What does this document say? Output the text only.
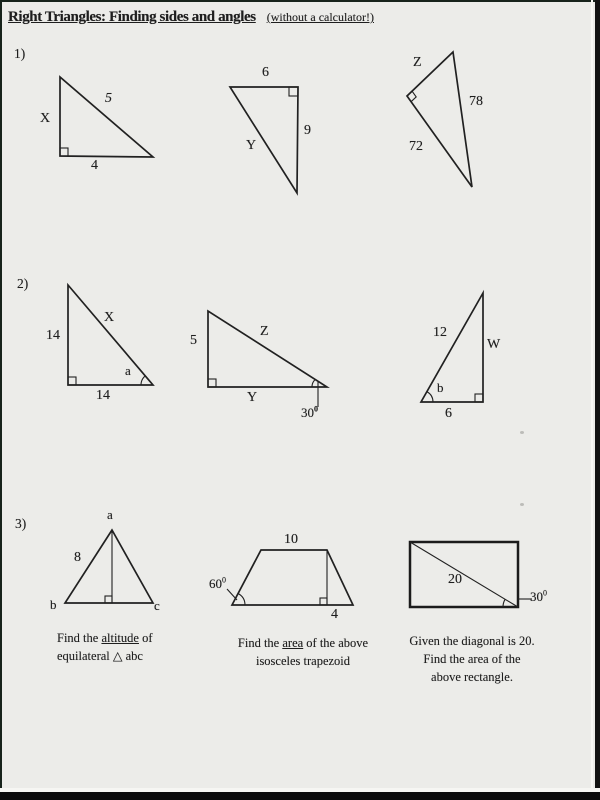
Right Triangles: Finding sides and angles (without a calculator!)
1)
2)
3)
X
5
4
6
9
Y
Z
78
72
14
X
a
14
5
Z
Y
$30^0$
12
W
b
6
a
8
b	c
10
$60^0$
4
20
$30^0$
Find the altitude of
equilateral △ abc
Find the area of the above
isosceles trapezoid
Given the diagonal is 20.
Find the area of the
above rectangle.
